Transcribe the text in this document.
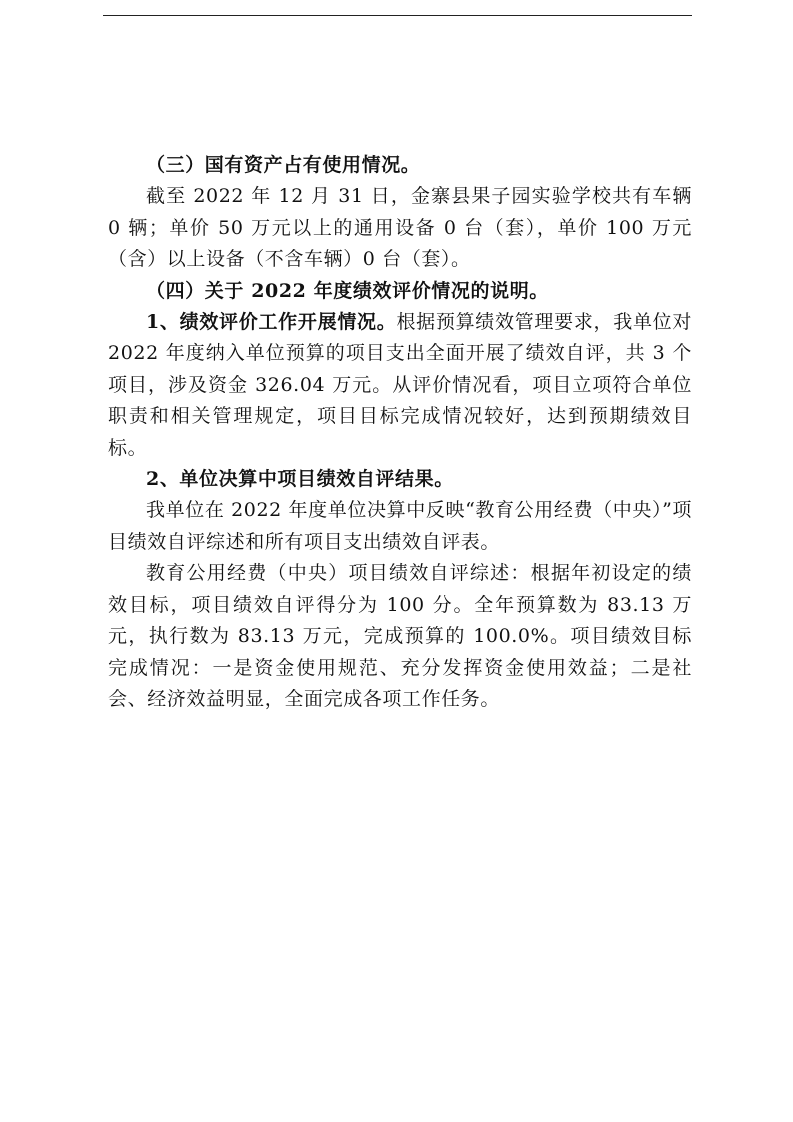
（三）国有资产占有使用情况。

截至 2022 年 12 月 31 日，金寨县果子园实验学校共有车辆 0 辆；单价 50 万元以上的通用设备 0 台（套），单价 100 万元（含）以上设备（不含车辆）0 台（套）。

（四）关于 2022 年度绩效评价情况的说明。

1、绩效评价工作开展情况。根据预算绩效管理要求，我单位对 2022 年度纳入单位预算的项目支出全面开展了绩效自评，共 3 个项目，涉及资金 326.04 万元。从评价情况看，项目立项符合单位职责和相关管理规定，项目目标完成情况较好，达到预期绩效目标。

2、单位决算中项目绩效自评结果。

我单位在 2022 年度单位决算中反映“教育公用经费（中央）”项目绩效自评综述和所有项目支出绩效自评表。

教育公用经费（中央）项目绩效自评综述：根据年初设定的绩效目标，项目绩效自评得分为 100 分。全年预算数为 83.13 万元，执行数为 83.13 万元，完成预算的 100.0%。项目绩效目标完成情况：一是资金使用规范、充分发挥资金使用效益；二是社会、经济效益明显，全面完成各项工作任务。
